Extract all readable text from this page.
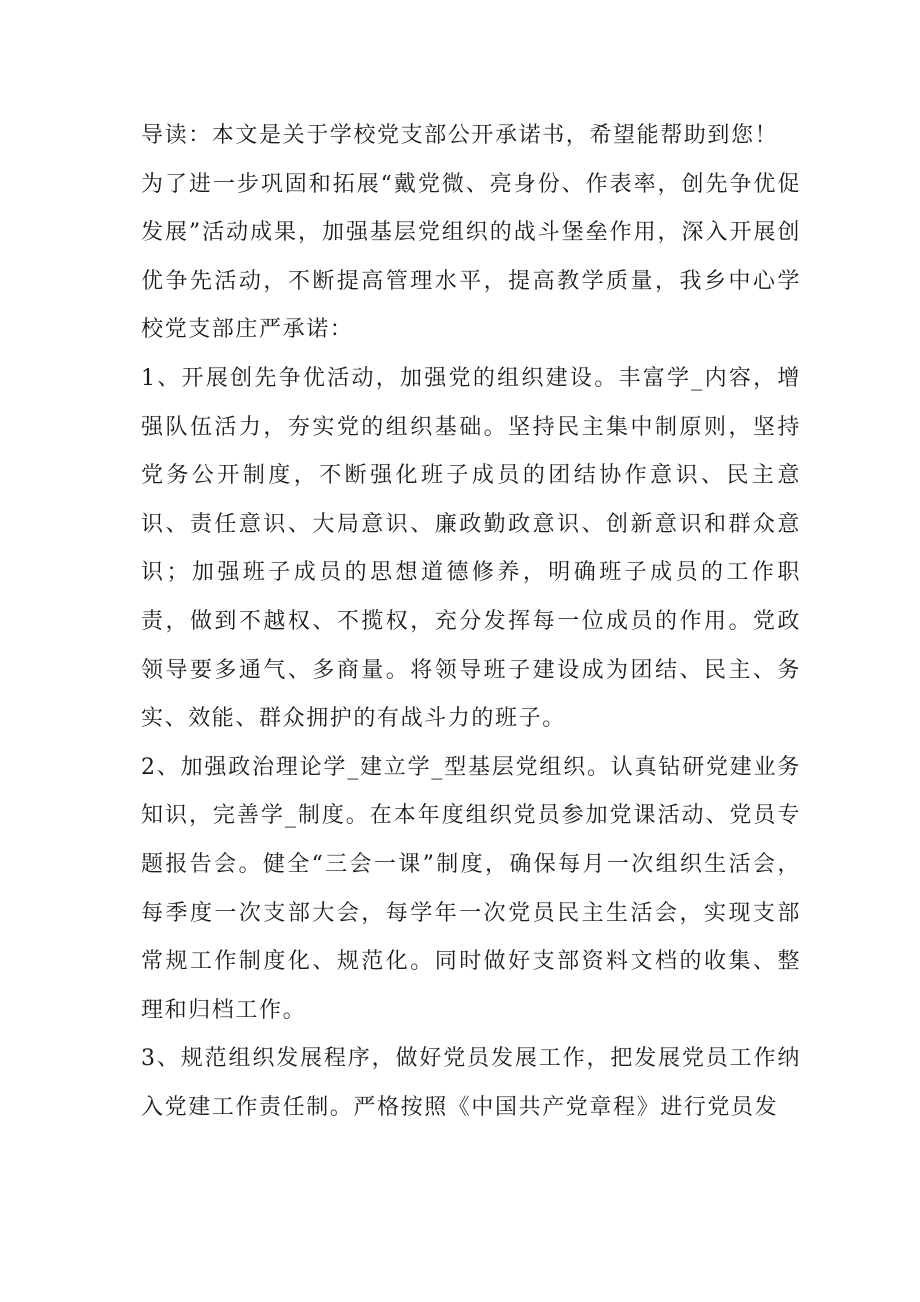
导读：本文是关于学校党支部公开承诺书，希望能帮助到您！

为了进一步巩固和拓展“戴党微、亮身份、作表率，创先争优促发展”活动成果，加强基层党组织的战斗堡垒作用，深入开展创优争先活动，不断提高管理水平，提高教学质量，我乡中心学校党支部庄严承诺：

1、开展创先争优活动，加强党的组织建设。丰富学_内容，增强队伍活力，夯实党的组织基础。坚持民主集中制原则，坚持党务公开制度，不断强化班子成员的团结协作意识、民主意识、责任意识、大局意识、廉政勤政意识、创新意识和群众意识；加强班子成员的思想道德修养，明确班子成员的工作职责，做到不越权、不揽权，充分发挥每一位成员的作用。党政领导要多通气、多商量。将领导班子建设成为团结、民主、务实、效能、群众拥护的有战斗力的班子。

2、加强政治理论学_建立学_型基层党组织。认真钻研党建业务知识，完善学_制度。在本年度组织党员参加党课活动、党员专题报告会。健全“三会一课”制度，确保每月一次组织生活会，每季度一次支部大会，每学年一次党员民主生活会，实现支部常规工作制度化、规范化。同时做好支部资料文档的收集、整理和归档工作。

3、规范组织发展程序，做好党员发展工作，把发展党员工作纳入党建工作责任制。严格按照《中国共产党章程》进行党员发
